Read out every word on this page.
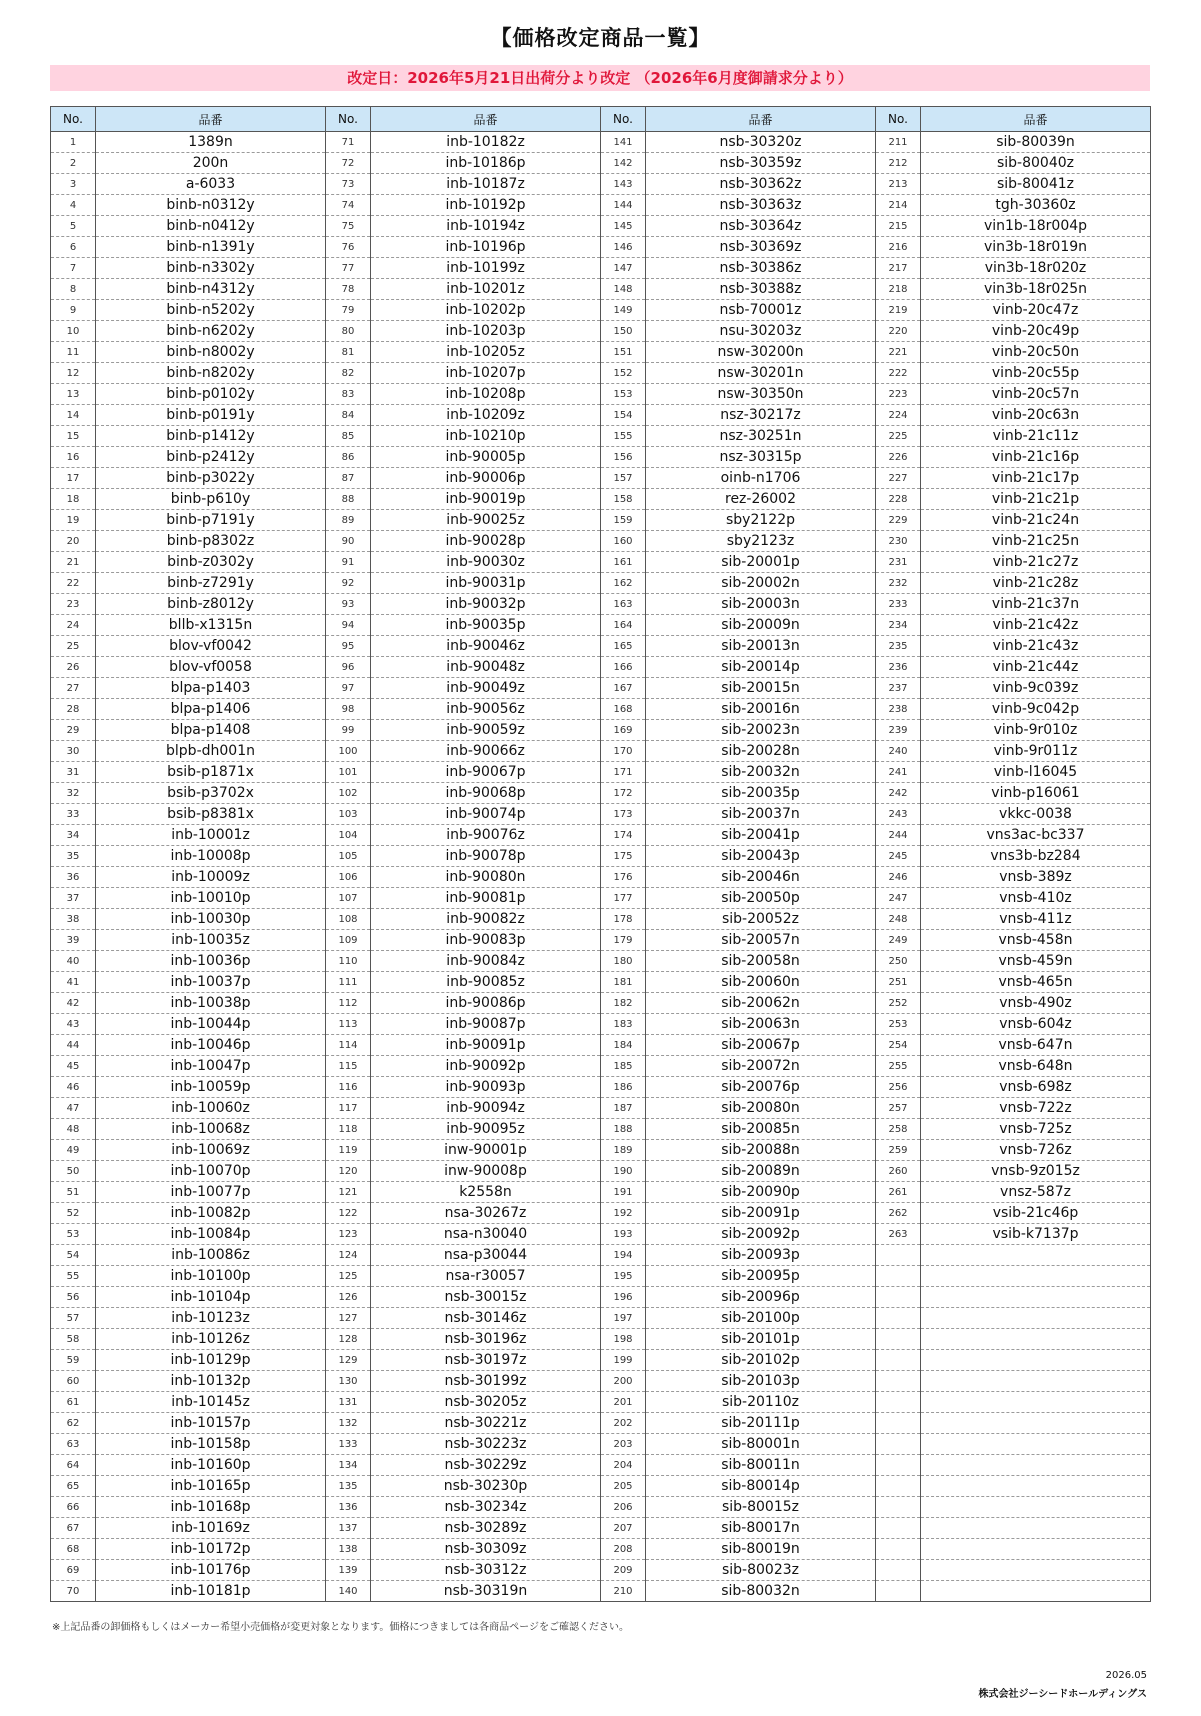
【価格改定商品一覧】
改定日：2026年5月21日出荷分より改定 （2026年6月度御請求分より）
No.	品番	No.	品番	No.	品番	No.	品番
1	1389n	71	inb-10182z	141	nsb-30320z	211	sib-80039n
2	200n	72	inb-10186p	142	nsb-30359z	212	sib-80040z
3	a-6033	73	inb-10187z	143	nsb-30362z	213	sib-80041z
4	binb-n0312y	74	inb-10192p	144	nsb-30363z	214	tgh-30360z
5	binb-n0412y	75	inb-10194z	145	nsb-30364z	215	vin1b-18r004p
6	binb-n1391y	76	inb-10196p	146	nsb-30369z	216	vin3b-18r019n
7	binb-n3302y	77	inb-10199z	147	nsb-30386z	217	vin3b-18r020z
8	binb-n4312y	78	inb-10201z	148	nsb-30388z	218	vin3b-18r025n
9	binb-n5202y	79	inb-10202p	149	nsb-70001z	219	vinb-20c47z
10	binb-n6202y	80	inb-10203p	150	nsu-30203z	220	vinb-20c49p
11	binb-n8002y	81	inb-10205z	151	nsw-30200n	221	vinb-20c50n
12	binb-n8202y	82	inb-10207p	152	nsw-30201n	222	vinb-20c55p
13	binb-p0102y	83	inb-10208p	153	nsw-30350n	223	vinb-20c57n
14	binb-p0191y	84	inb-10209z	154	nsz-30217z	224	vinb-20c63n
15	binb-p1412y	85	inb-10210p	155	nsz-30251n	225	vinb-21c11z
16	binb-p2412y	86	inb-90005p	156	nsz-30315p	226	vinb-21c16p
17	binb-p3022y	87	inb-90006p	157	oinb-n1706	227	vinb-21c17p
18	binb-p610y	88	inb-90019p	158	rez-26002	228	vinb-21c21p
19	binb-p7191y	89	inb-90025z	159	sby2122p	229	vinb-21c24n
20	binb-p8302z	90	inb-90028p	160	sby2123z	230	vinb-21c25n
21	binb-z0302y	91	inb-90030z	161	sib-20001p	231	vinb-21c27z
22	binb-z7291y	92	inb-90031p	162	sib-20002n	232	vinb-21c28z
23	binb-z8012y	93	inb-90032p	163	sib-20003n	233	vinb-21c37n
24	bllb-x1315n	94	inb-90035p	164	sib-20009n	234	vinb-21c42z
25	blov-vf0042	95	inb-90046z	165	sib-20013n	235	vinb-21c43z
26	blov-vf0058	96	inb-90048z	166	sib-20014p	236	vinb-21c44z
27	blpa-p1403	97	inb-90049z	167	sib-20015n	237	vinb-9c039z
28	blpa-p1406	98	inb-90056z	168	sib-20016n	238	vinb-9c042p
29	blpa-p1408	99	inb-90059z	169	sib-20023n	239	vinb-9r010z
30	blpb-dh001n	100	inb-90066z	170	sib-20028n	240	vinb-9r011z
31	bsib-p1871x	101	inb-90067p	171	sib-20032n	241	vinb-l16045
32	bsib-p3702x	102	inb-90068p	172	sib-20035p	242	vinb-p16061
33	bsib-p8381x	103	inb-90074p	173	sib-20037n	243	vkkc-0038
34	inb-10001z	104	inb-90076z	174	sib-20041p	244	vns3ac-bc337
35	inb-10008p	105	inb-90078p	175	sib-20043p	245	vns3b-bz284
36	inb-10009z	106	inb-90080n	176	sib-20046n	246	vnsb-389z
37	inb-10010p	107	inb-90081p	177	sib-20050p	247	vnsb-410z
38	inb-10030p	108	inb-90082z	178	sib-20052z	248	vnsb-411z
39	inb-10035z	109	inb-90083p	179	sib-20057n	249	vnsb-458n
40	inb-10036p	110	inb-90084z	180	sib-20058n	250	vnsb-459n
41	inb-10037p	111	inb-90085z	181	sib-20060n	251	vnsb-465n
42	inb-10038p	112	inb-90086p	182	sib-20062n	252	vnsb-490z
43	inb-10044p	113	inb-90087p	183	sib-20063n	253	vnsb-604z
44	inb-10046p	114	inb-90091p	184	sib-20067p	254	vnsb-647n
45	inb-10047p	115	inb-90092p	185	sib-20072n	255	vnsb-648n
46	inb-10059p	116	inb-90093p	186	sib-20076p	256	vnsb-698z
47	inb-10060z	117	inb-90094z	187	sib-20080n	257	vnsb-722z
48	inb-10068z	118	inb-90095z	188	sib-20085n	258	vnsb-725z
49	inb-10069z	119	inw-90001p	189	sib-20088n	259	vnsb-726z
50	inb-10070p	120	inw-90008p	190	sib-20089n	260	vnsb-9z015z
51	inb-10077p	121	k2558n	191	sib-20090p	261	vnsz-587z
52	inb-10082p	122	nsa-30267z	192	sib-20091p	262	vsib-21c46p
53	inb-10084p	123	nsa-n30040	193	sib-20092p	263	vsib-k7137p
54	inb-10086z	124	nsa-p30044	194	sib-20093p		
55	inb-10100p	125	nsa-r30057	195	sib-20095p		
56	inb-10104p	126	nsb-30015z	196	sib-20096p		
57	inb-10123z	127	nsb-30146z	197	sib-20100p		
58	inb-10126z	128	nsb-30196z	198	sib-20101p		
59	inb-10129p	129	nsb-30197z	199	sib-20102p		
60	inb-10132p	130	nsb-30199z	200	sib-20103p		
61	inb-10145z	131	nsb-30205z	201	sib-20110z		
62	inb-10157p	132	nsb-30221z	202	sib-20111p		
63	inb-10158p	133	nsb-30223z	203	sib-80001n		
64	inb-10160p	134	nsb-30229z	204	sib-80011n		
65	inb-10165p	135	nsb-30230p	205	sib-80014p		
66	inb-10168p	136	nsb-30234z	206	sib-80015z		
67	inb-10169z	137	nsb-30289z	207	sib-80017n		
68	inb-10172p	138	nsb-30309z	208	sib-80019n		
69	inb-10176p	139	nsb-30312z	209	sib-80023z		
70	inb-10181p	140	nsb-30319n	210	sib-80032n		
※上記品番の卸価格もしくはメーカー希望小売価格が変更対象となります。価格につきましては各商品ページをご確認ください。
2026.05
株式会社ジーシードホールディングス
